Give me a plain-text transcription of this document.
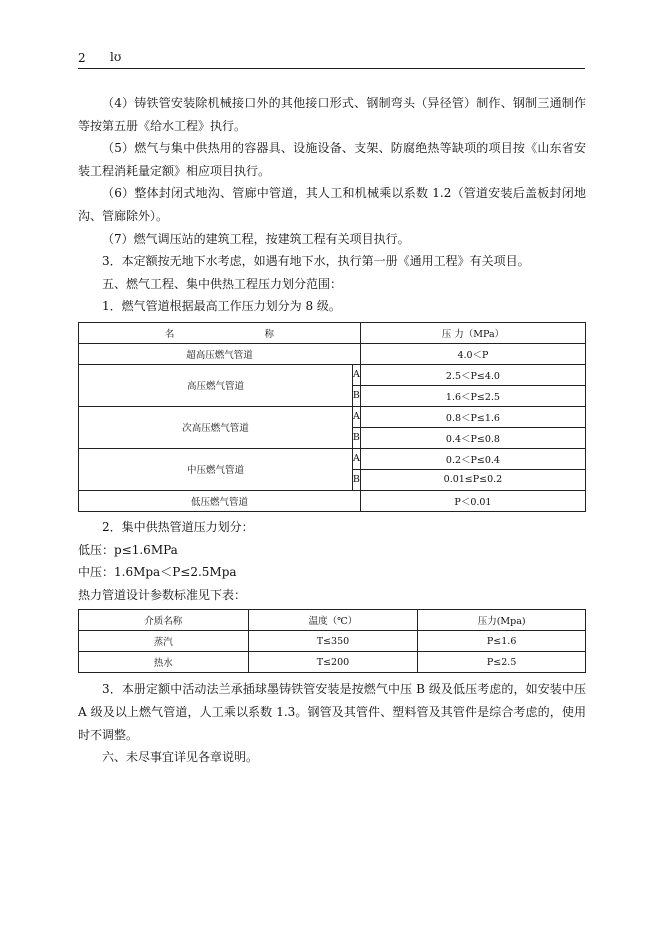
2 lʊ

（4）铸铁管安装除机械接口外的其他接口形式、钢制弯头（异径管）制作、钢制三通制作等按第五册《给水工程》执行。

（5）燃气与集中供热用的容器具、设施设备、支架、防腐绝热等缺项的项目按《山东省安装工程消耗量定额》相应项目执行。

（6）整体封闭式地沟、管廊中管道，其人工和机械乘以系数 1.2（管道安装后盖板封闭地沟、管廊除外）。

（7）燃气调压站的建筑工程，按建筑工程有关项目执行。

3．本定额按无地下水考虑，如遇有地下水，执行第一册《通用工程》有关项目。

五、燃气工程、集中供热工程压力划分范围：

1．燃气管道根据最高工作压力划分为 8 级。

名 称		压 力（MPa）
超高压燃气管道		4.0＜P
高压燃气管道	A	2.5＜P≤4.0
	B	1.6＜P≤2.5
次高压燃气管道	A	0.8＜P≤1.6
	B	0.4＜P≤0.8
中压燃气管道	A	0.2＜P≤0.4
	B	0.01≤P≤0.2
低压燃气管道		P＜0.01

2．集中供热管道压力划分：

低压：p≤1.6MPa

中压：1.6Mpa＜P≤2.5Mpa

热力管道设计参数标准见下表：

介质名称	温度（℃）	压力(Mpa)
蒸汽	T≤350	P≤1.6
热水	T≤200	P≤2.5

3．本册定额中活动法兰承插球墨铸铁管安装是按燃气中压 B 级及低压考虑的，如安装中压 A 级及以上燃气管道，人工乘以系数 1.3。钢管及其管件、塑料管及其管件是综合考虑的，使用时不调整。

六、未尽事宜详见各章说明。
